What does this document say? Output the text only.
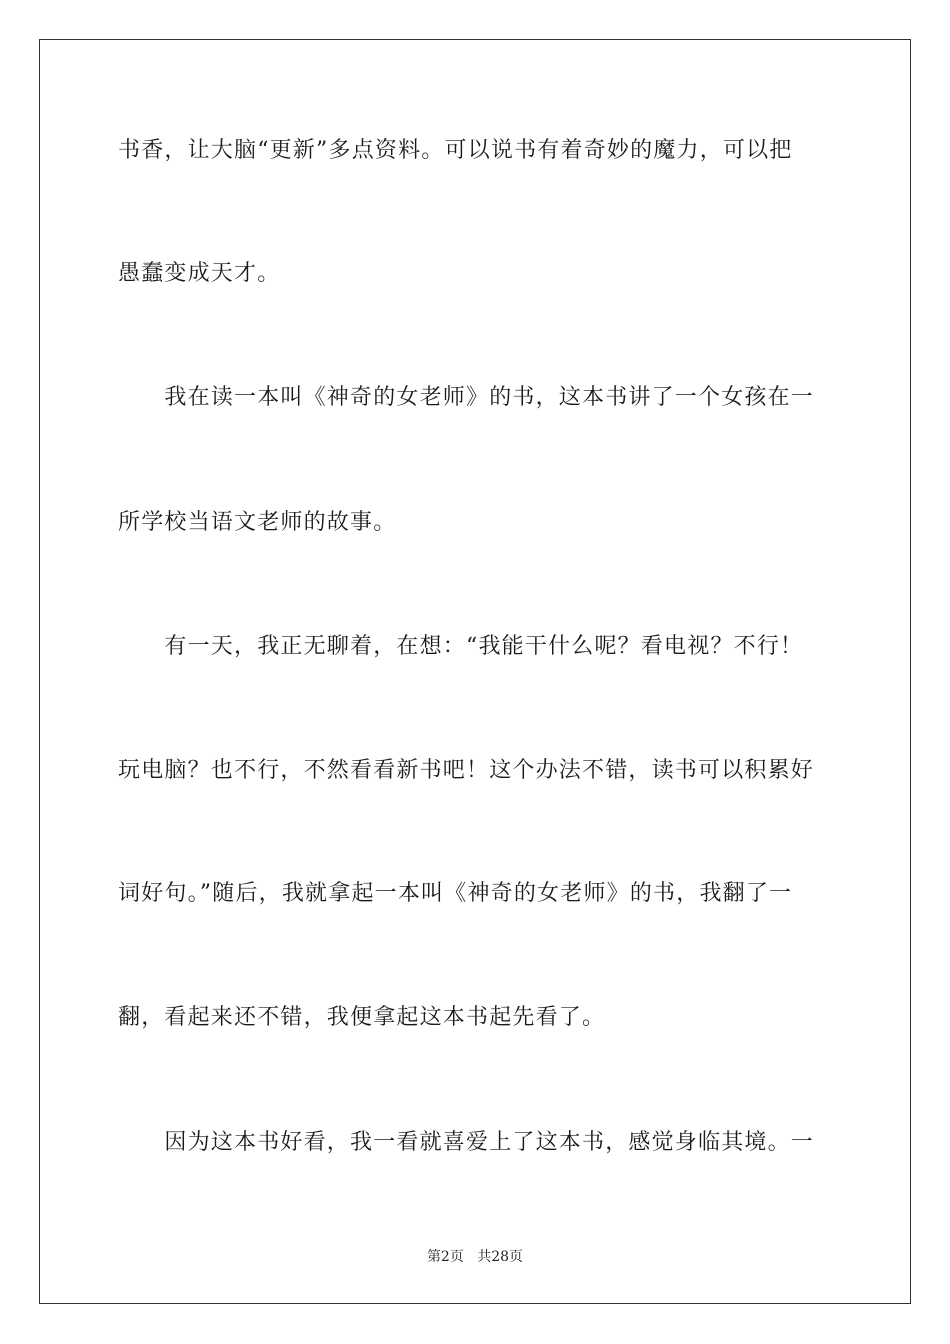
书香，让大脑“更新”多点资料。可以说书有着奇妙的魔力，可以把
愚蠢变成天才。
　　我在读一本叫《神奇的女老师》的书，这本书讲了一个女孩在一
所学校当语文老师的故事。
　　有一天，我正无聊着，在想：“我能干什么呢？看电视？不行！
玩电脑？也不行，不然看看新书吧！这个办法不错，读书可以积累好
词好句。”随后，我就拿起一本叫《神奇的女老师》的书，我翻了一
翻，看起来还不错，我便拿起这本书起先看了。
　　因为这本书好看，我一看就喜爱上了这本书，感觉身临其境。一
第2页 共28页
